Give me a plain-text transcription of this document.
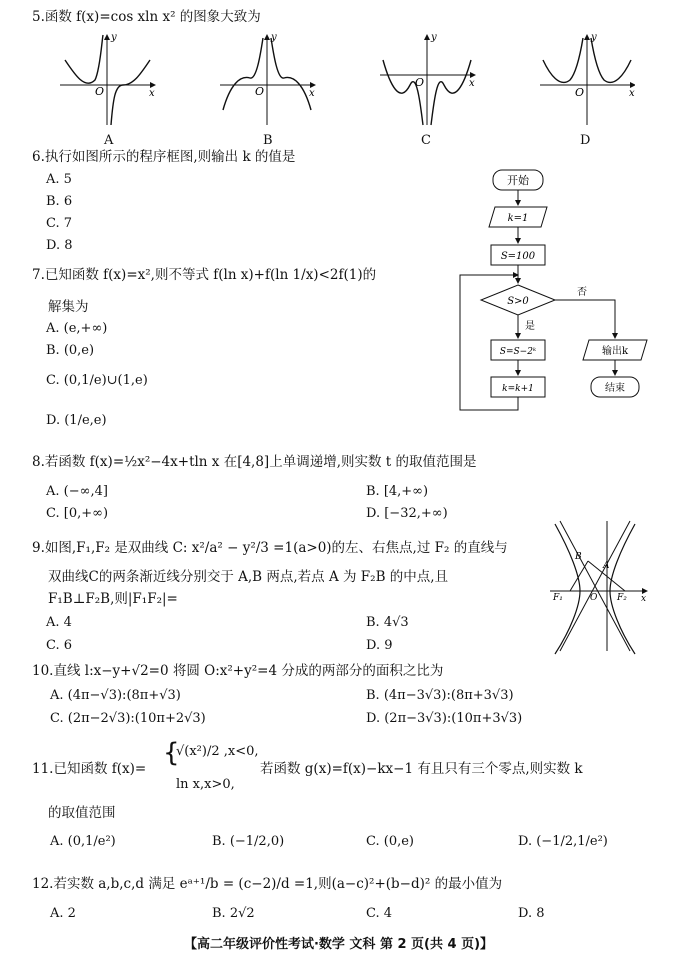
5.函数 f(x)=cos xln x² 的图象大致为
O
y
x	O
y
x
O
y
x
O
y
x
A	B	C	D
6.执行如图所示的程序框图,则输出 k 的值是
A. 5
B. 6
C. 7
D. 8
开始
k=1
S=100
S>0
否
是
S=S−2ᵏ
k=k+1
输出k
结束
7.已知函数 f(x)=x²,则不等式 f(ln x)+f(ln 1/x)<2f(1)的
解集为
A. (e,+∞)
B. (0,e)
C. (0,1/e)∪(1,e)
D. (1/e,e)
8.若函数 f(x)=½x²−4x+tln x 在[4,8]上单调递增,则实数 t 的取值范围是
A. (−∞,4]	B. [4,+∞)
C. [0,+∞)	D. [−32,+∞)
9.如图,F₁,F₂ 是双曲线 C: x²/a² − y²/3 =1(a>0)的左、右焦点,过 F₂ 的直线与
双曲线C的两条渐近线分别交于 A,B 两点,若点 A 为 F₂B 的中点,且
F₁B⊥F₂B,则|F₁F₂|=
A. 4	B. 4√3
C. 6	D. 9
B
A
O
F₁	F₂ x
10.直线 l:x−y+√2=0 将圆 O:x²+y²=4 分成的两部分的面积之比为
A. (4π−√3):(8π+√3)	B. (4π−3√3):(8π+3√3)
C. (2π−2√3):(10π+2√3)	D. (2π−3√3):(10π+3√3)
11.已知函数 f(x)=
{
√(x²)/2 ,x<0,
ln x,x>0,
若函数 g(x)=f(x)−kx−1 有且只有三个零点,则实数 k
的取值范围
A. (0,1/e²)	B. (−1/2,0)	C. (0,e)	D. (−1/2,1/e²)
12.若实数 a,b,c,d 满足 eᵃ⁺¹/b = (c−2)/d =1,则(a−c)²+(b−d)² 的最小值为
A. 2	B. 2√2	C. 4	D. 8
【高二年级评价性考试·数学 文科 第 2 页(共 4 页)】
